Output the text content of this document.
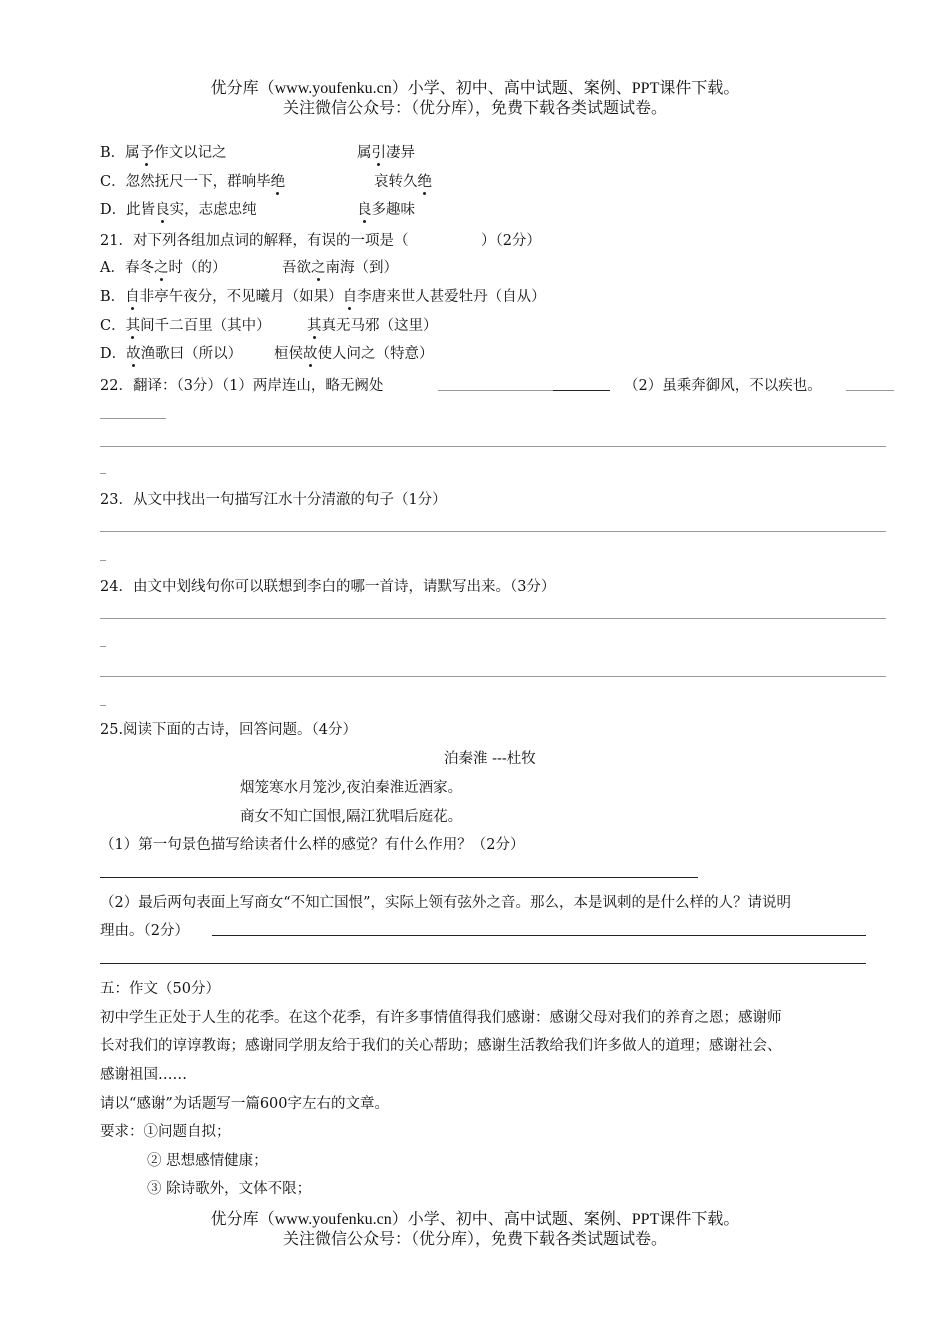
优分库（www.youfenku.cn）小学、初中、高中试题、案例、PPT课件下载。
关注微信公众号：（优分库），免费下载各类试题试卷。
B．属予作文以记之	属引凄异
C．忽然抚尺一下，群响毕绝	哀转久绝
D．此皆良实，志虑忠纯	良多趣味
21．对下列各组加点词的解释，有误的一项是（　　　　　）（2分）
A．春冬之时（的）	吾欲之南海（到）
B．自非亭午夜分，不见曦月（如果）自李唐来世人甚爱牡丹（自从）
C．其间千二百里（其中）	其真无马邪（这里）
D．故渔歌曰（所以） 桓侯故使人问之（特意）
22．翻译：（3分）（1）两岸连山，略无阙处	（2）虽乘奔御风，不以疾也。
23．从文中找出一句描写江水十分清澈的句子（1分）
24．由文中划线句你可以联想到李白的哪一首诗，请默写出来。（3分）
25.阅读下面的古诗，回答问题。（4分）
泊秦淮 ---杜牧
烟笼寒水月笼沙,夜泊秦淮近酒家。
商女不知亡国恨,隔江犹唱后庭花。
（1）第一句景色描写给读者什么样的感觉？有什么作用？（2分）
（2）最后两句表面上写商女“不知亡国恨”，实际上领有弦外之音。那么，本是讽刺的是什么样的人？请说明
理由。（2分）
五：作文（50分）
初中学生正处于人生的花季。在这个花季，有许多事情值得我们感谢：感谢父母对我们的养育之恩；感谢师
长对我们的谆谆教诲；感谢同学朋友给于我们的关心帮助；感谢生活教给我们许多做人的道理；感谢社会、
感谢祖国……
请以“感谢”为话题写一篇600字左右的文章。
要求：①问题自拟；
② 思想感情健康；
③ 除诗歌外，文体不限；
优分库（www.youfenku.cn）小学、初中、高中试题、案例、PPT课件下载。
关注微信公众号：（优分库），免费下载各类试题试卷。
